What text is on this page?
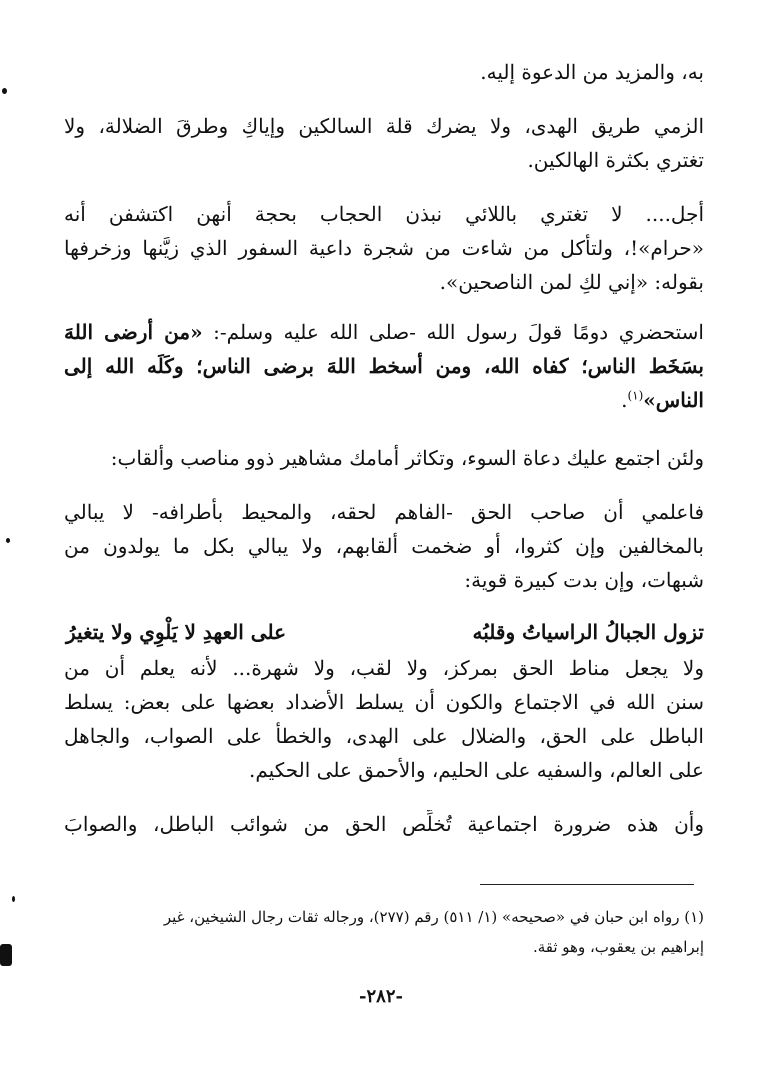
به، والمزيد من الدعوة إليه.
الزمي طريق الهدى، ولا يضرك قلة السالكين وإياكِ وطرقَ الضلالة، ولا
تغتري بكثرة الهالكين.
أجل.... لا تغتري باللائي نبذن الحجاب بحجة أنهن اكتشفن أنه
«حرام»!، ولتأكل من شاءت من شجرة داعية السفور الذي زيَّنها وزخرفها
بقوله: «إني لكِ لمن الناصحين».
استحضري دومًا قولَ رسول الله -صلى الله عليه وسلم-: «من أرضى اللهَ
بسَخَط الناس؛ كفاه الله، ومن أسخط اللهَ برضى الناس؛ وكَلَه الله إلى
الناس»$^{(١)}$.
ولئن اجتمع عليك دعاة السوء، وتكاثر أمامك مشاهير ذوو مناصب وألقاب:
فاعلمي أن صاحب الحق -الفاهم لحقه، والمحيط بأطرافه- لا يبالي
بالمخالفين وإن كثروا، أو ضخمت ألقابهم، ولا يبالي بكل ما يولدون من
شبهات، وإن بدت كبيرة قوية:
تزول الجبالُ الراسياتُ وقلبُه
على العهدِ لا يَلْوِي ولا يتغيرُ
ولا يجعل مناط الحق بمركز، ولا لقب، ولا شهرة... لأنه يعلم أن من
سنن الله في الاجتماع والكون أن يسلط الأضداد بعضها على بعض: يسلط
الباطل على الحق، والضلال على الهدى، والخطأ على الصواب، والجاهل
على العالم، والسفيه على الحليم، والأحمق على الحكيم.
وأن هذه ضرورة اجتماعية تُخلِّص الحق من شوائب الباطل، والصوابَ
(١) رواه ابن حبان في «صحيحه» (١/ ٥١١) رقم (٢٧٧)، ورجاله ثقات رجال الشيخين، غير
إبراهيم بن يعقوب، وهو ثقة.
-٢٨٢-
